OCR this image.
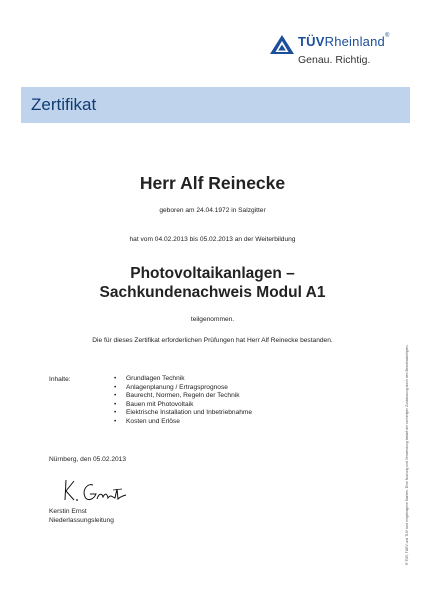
TÜVRheinland®
Genau. Richtig.
Zertifikat
Herr Alf Reinecke
geboren am 24.04.1972 in Salzgitter
hat vom 04.02.2013 bis 05.02.2013 an der Weiterbildung
Photovoltaikanlagen –
Sachkundenachweis Modul A1
teilgenommen.
Die für dieses Zertifikat erforderlichen Prüfungen hat Herr Alf Reinecke bestanden.
Inhalte:	• Grundlagen Technik
• Anlagenplanung / Ertragsprognose
• Baurecht, Normen, Regeln der Technik
• Bauen mit Photovoltaik
• Elektrische Installation und Inbetriebnahme
• Kosten und Erlöse
Nürnberg, den 05.02.2013
Kerstin Ernst
Niederlassungsleitung	® TÜV, TUEV und TUV sind eingetragene Marken. Eine Nutzung und Verwendung bedarf der vorherigen Zustimmung durch den Bevollmächtigten.
